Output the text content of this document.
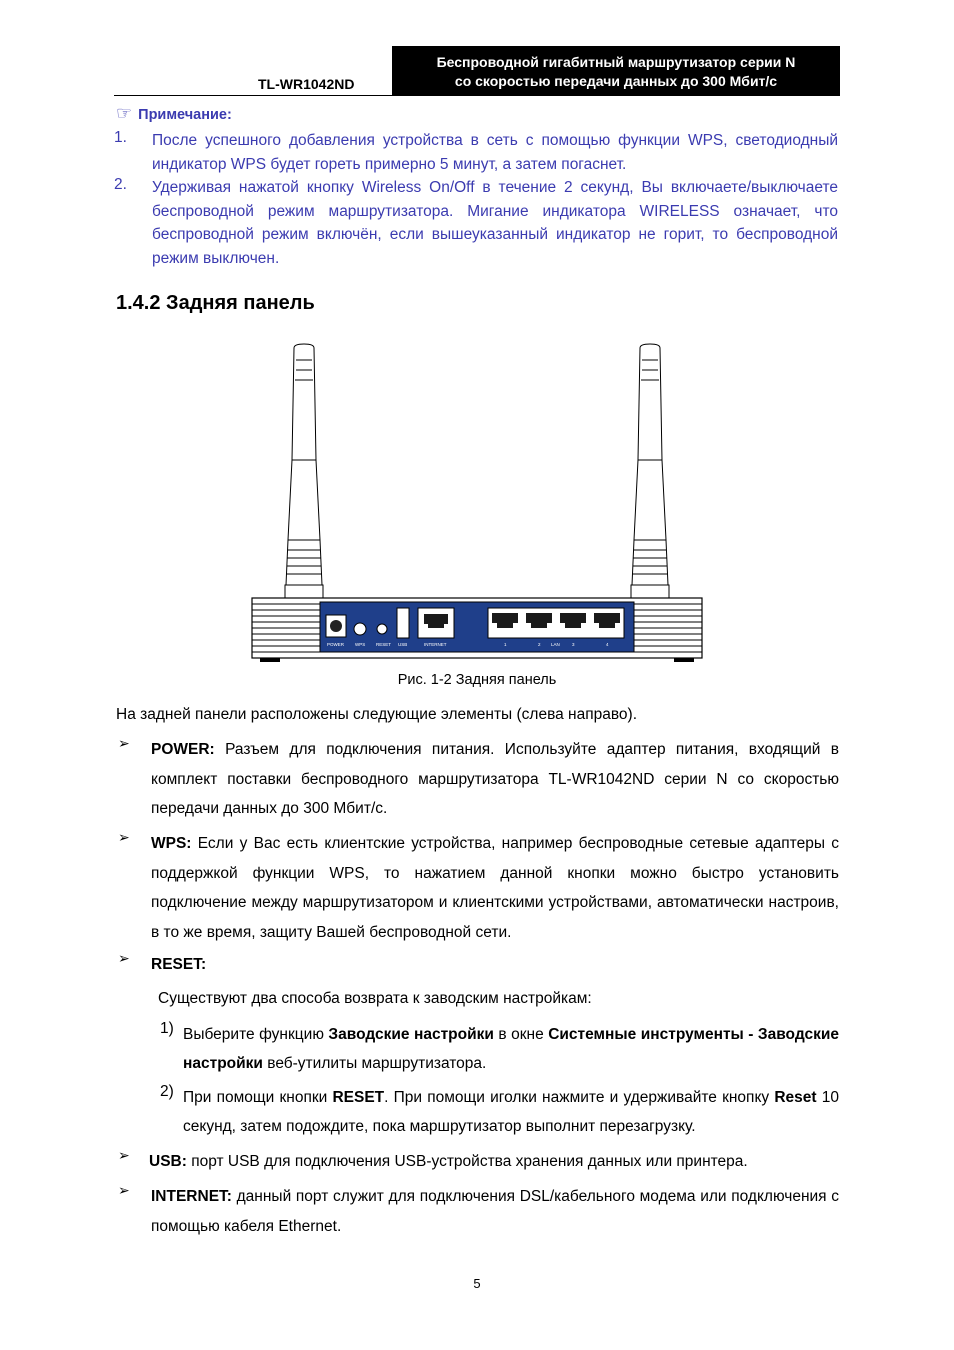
TL-WR1042ND
Беспроводной гигабитный маршрутизатор серии N
со скоростью передачи данных до 300 Мбит/с
☞ Примечание:
1. После успешного добавления устройства в сеть с помощью функции WPS, светодиодный индикатор WPS будет гореть примерно 5 минут, а затем погаснет.
2. Удерживая нажатой кнопку Wireless On/Off в течение 2 секунд, Вы включаете/выключаете беспроводной режим маршрутизатора. Мигание индикатора WIRELESS означает, что беспроводной режим включён, если вышеуказанный индикатор не горит, то беспроводной режим выключен.
1.4.2 Задняя панель
POWER WPS RESET USB	INTERNET	1	2 LAN	3	4
Рис. 1-2 Задняя панель
На задней панели расположены следующие элементы (слева направо).
➢ POWER: Разъем для подключения питания. Используйте адаптер питания, входящий в комплект поставки беспроводного маршрутизатора TL-WR1042ND серии N со скоростью передачи данных до 300 Мбит/с.
➢ WPS: Если у Вас есть клиентские устройства, например беспроводные сетевые адаптеры с поддержкой функции WPS, то нажатием данной кнопки можно быстро установить подключение между маршрутизатором и клиентскими устройствами, автоматически настроив, в то же время, защиту Вашей беспроводной сети.
➢ RESET:
Существуют два способа возврата к заводским настройкам:
1) Выберите функцию Заводские настройки в окне Системные инструменты - Заводские настройки веб-утилиты маршрутизатора.
2) При помощи кнопки RESET. При помощи иголки нажмите и удерживайте кнопку Reset 10 секунд, затем подождите, пока маршрутизатор выполнит перезагрузку.
➢ USB: порт USB для подключения USB-устройства хранения данных или принтера.
➢ INTERNET: данный порт служит для подключения DSL/кабельного модема или подключения с помощью кабеля Ethernet.
5
